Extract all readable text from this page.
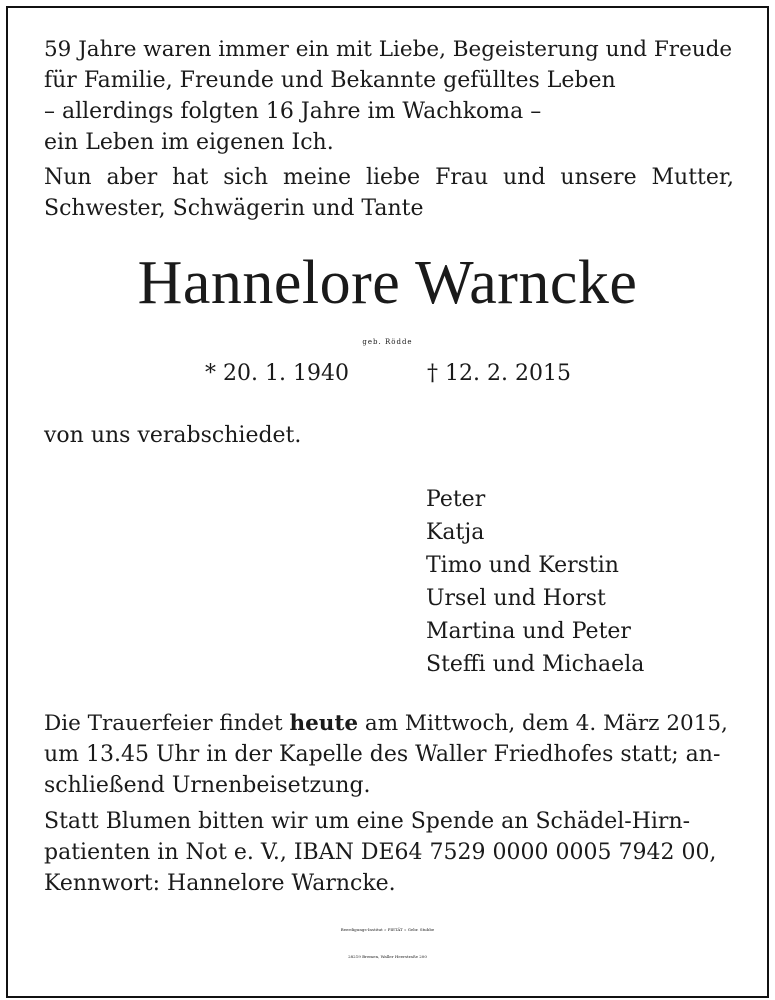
59 Jahre waren immer ein mit Liebe, Begeisterung und Freude
für Familie, Freunde und Bekannte gefülltes Leben
– allerdings folgten 16 Jahre im Wachkoma –
ein Leben im eigenen Ich.
Nun aber hat sich meine liebe Frau und unsere Mutter,
Schwester, Schwägerin und Tante
Hannelore Warncke
geb. Rödde
* 20. 1. 1940	† 12. 2. 2015
von uns verabschiedet.
Peter
Katja
Timo und Kerstin
Ursel und Horst
Martina und Peter
Steffi und Michaela
Die Trauerfeier findet heute am Mittwoch, dem 4. März 2015,
um 13.45 Uhr in der Kapelle des Waller Friedhofes statt; an-
schließend Urnenbeisetzung.
Statt Blumen bitten wir um eine Spende an Schädel-Hirn-
patienten in Not e. V., IBAN DE64 7529 0000 0005 7942 00,
Kennwort: Hannelore Warncke.
Beerdigungs-Institut » PIETÄT « Gebr. Stubbe
28219 Bremen, Waller Heerstraße 200
